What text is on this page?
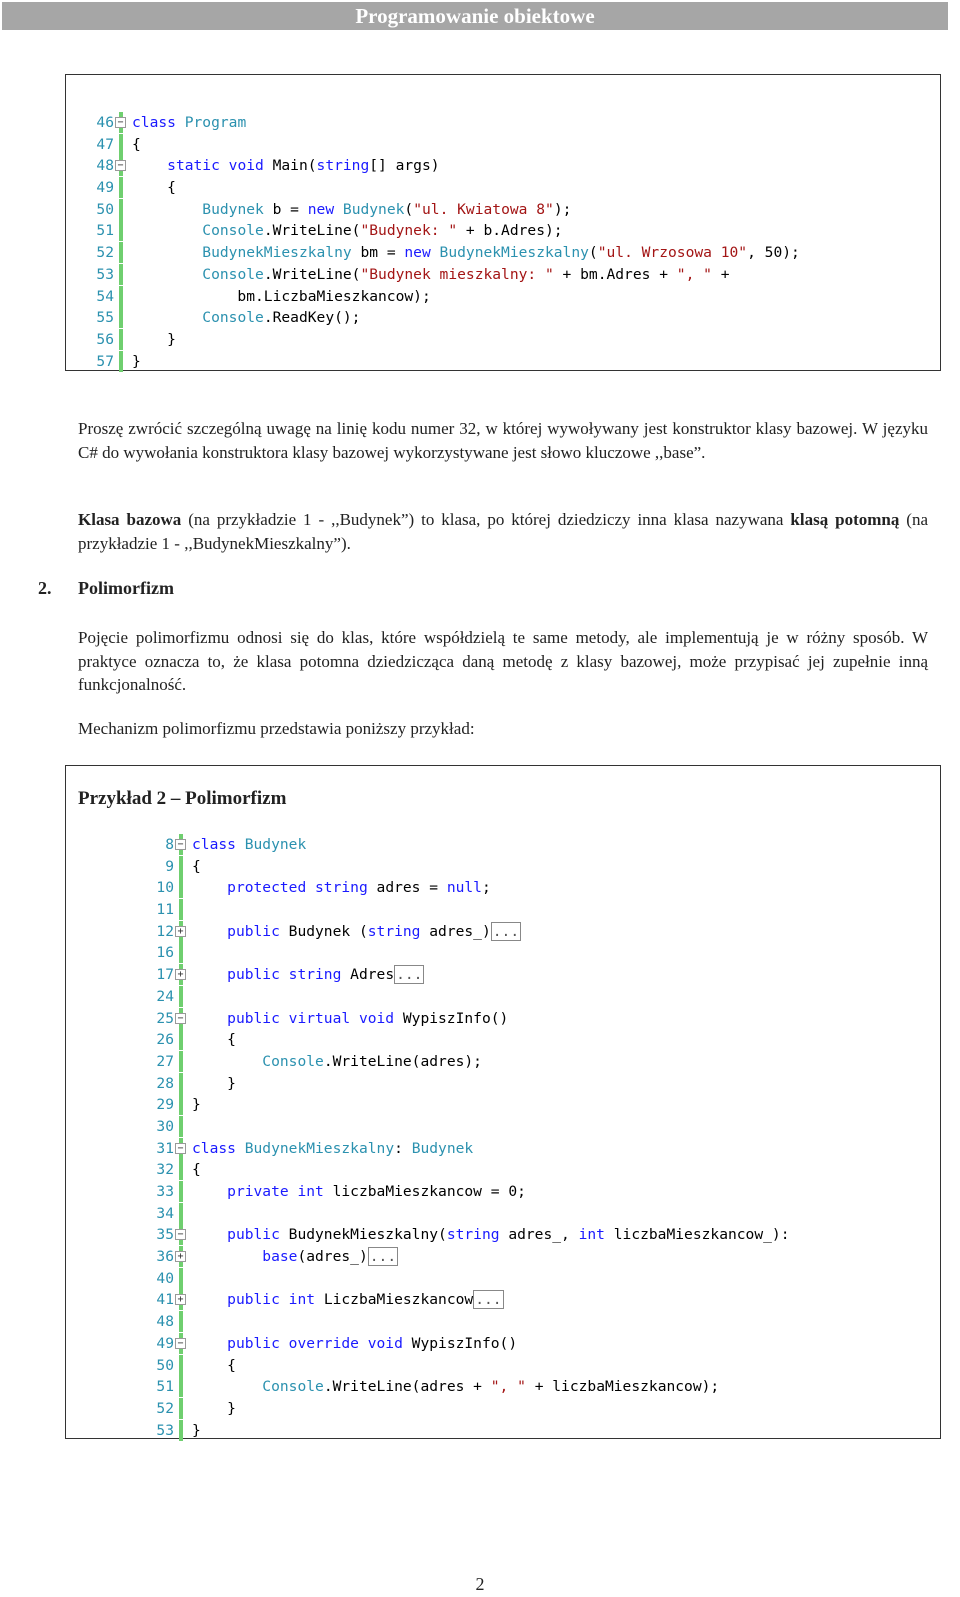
Programowanie obiektowe
46 − class Program
47 {
48 −	static void Main(string[] args)
49
{
50	Budynek b = new Budynek("ul. Kwiatowa 8");
51	Console.WriteLine("Budynek: " + b.Adres);
52	BudynekMieszkalny bm = new BudynekMieszkalny("ul. Wrzosowa 10", 50);
53	Console.WriteLine("Budynek mieszkalny: " + bm.Adres + ", " +
54
bm.LiczbaMieszkancow);
55	Console.ReadKey();
56
}
57 }

Proszę zwrócić szczególną uwagę na linię kodu numer 32, w której wywoływany jest konstruktor klasy bazowej. W języku C# do wywołania konstruktora klasy bazowej wykorzystywane jest słowo kluczowe ,,base”.

Klasa bazowa (na przykładzie 1 - ,,Budynek”) to klasa, po której dziedziczy inna klasa nazywana klasą potomną (na przykładzie 1 - ,,BudynekMieszkalny”).

2. Polimorfizm

Pojęcie polimorfizmu odnosi się do klas, które współdzielą te same metody, ale implementują je w różny sposób. W praktyce oznacza to, że klasa potomna dziedzicząca daną metodę z klasy bazowej, może przypisać jej zupełnie inną funkcjonalność.

Mechanizm polimorfizmu przedstawia poniższy przykład:

Przykład 2 – Polimorfizm
8 − class Budynek
9 {
10	protected string adres = null;
11
12 +	public Budynek (string adres_) ...
16
17 +	public string Adres ...
24
25 −	public virtual void WypiszInfo()
26
{
27	Console.WriteLine(adres);
28
}
29 }
30
31 − class BudynekMieszkalny: Budynek
32 {
33	private int liczbaMieszkancow = 0;
34
35 −	public BudynekMieszkalny(string adres_, int liczbaMieszkancow_):
36 +	base(adres_) ...
40
41 +	public int LiczbaMieszkancow ...
48
49 −	public override void WypiszInfo()
50
{
51	Console.WriteLine(adres + ", " + liczbaMieszkancow);
52
}
53 }
2
